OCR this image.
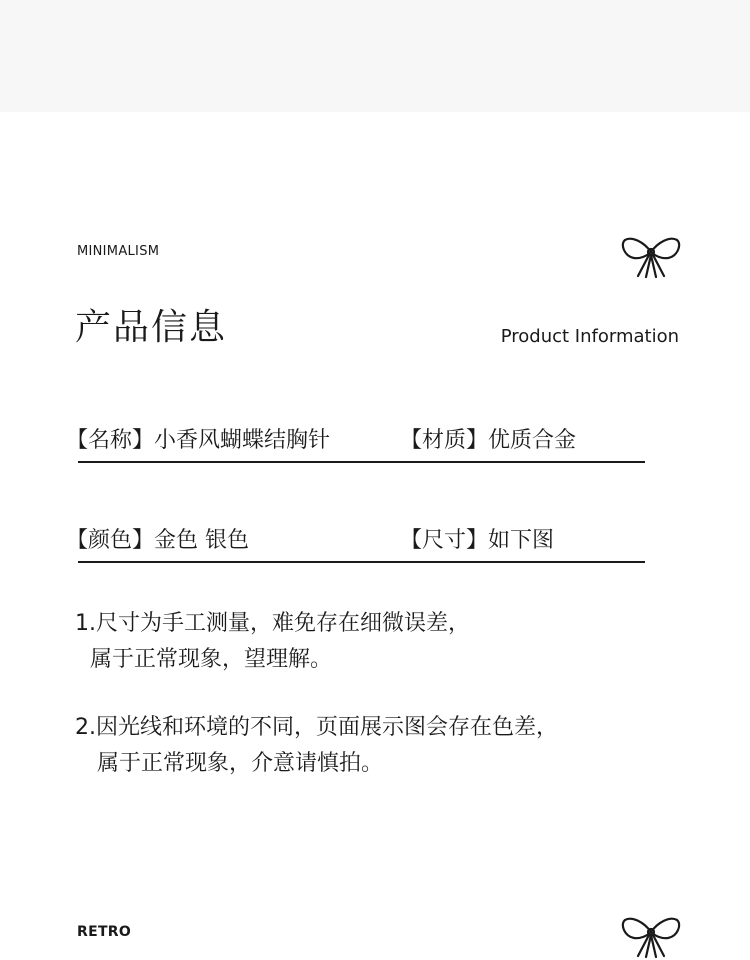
MINIMALISM
产品信息	Product Information
【名称】小香风蝴蝶结胸针	【材质】优质合金
【颜色】金色 银色	【尺寸】如下图
1.尺寸为手工测量，难免存在细微误差，
属于正常现象，望理解。
2.因光线和环境的不同，页面展示图会存在色差，
属于正常现象，介意请慎拍。
RETRO
